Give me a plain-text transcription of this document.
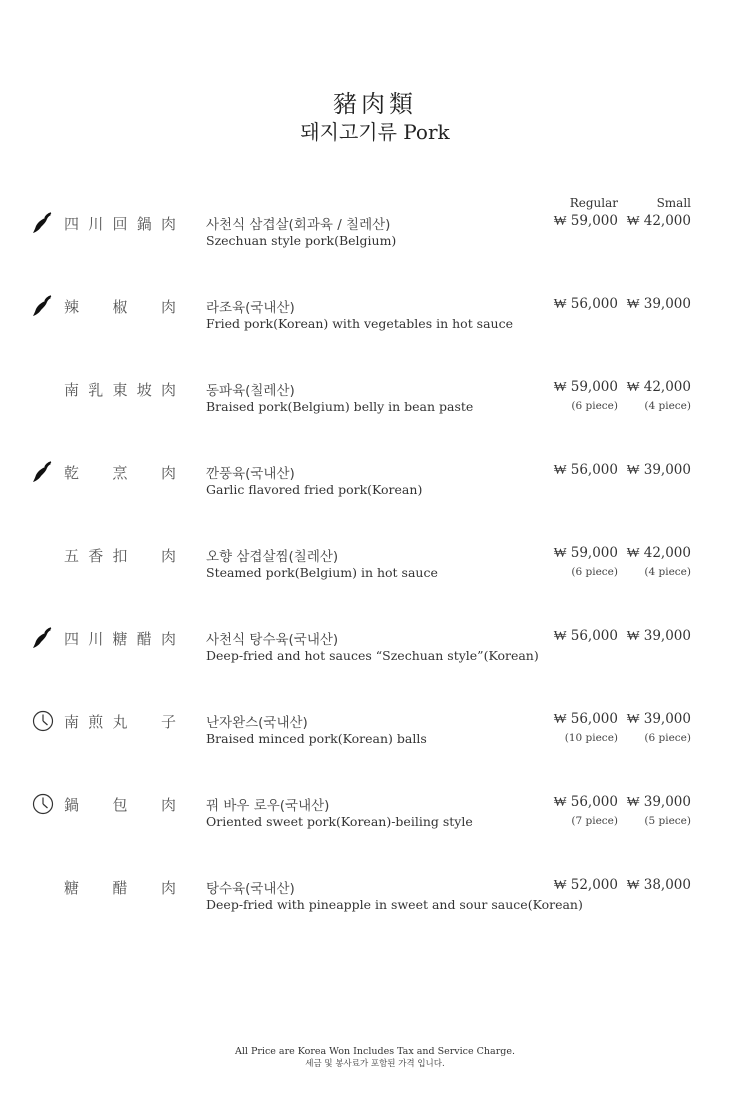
豬肉類
돼지고기류 Pork
Regular	Small
四 川 回 鍋 肉 사천식 삼겹살(회과육 / 칠레산)
Szechuan style pork(Belgium)
₩ 59,000 ₩ 42,000
辣 椒 肉 라조육(국내산)
Fried pork(Korean) with vegetables in hot sauce
₩ 56,000 ₩ 39,000
南 乳 東 坡 肉 동파육(칠레산)
Braised pork(Belgium) belly in bean paste
₩ 59,000 ₩ 42,000
(6 piece)	(4 piece)
乾 烹 肉 깐풍육(국내산)
Garlic flavored fried pork(Korean)
₩ 56,000 ₩ 39,000
五 香 扣 肉 오향 삼겹살찜(칠레산)
Steamed pork(Belgium) in hot sauce
₩ 59,000 ₩ 42,000
(6 piece)	(4 piece)
四 川 糖 醋 肉 사천식 탕수육(국내산)
Deep-fried and hot sauces “Szechuan style”(Korean)
₩ 56,000 ₩ 39,000
南 煎 丸 子 난자완스(국내산)
Braised minced pork(Korean) balls
₩ 56,000 ₩ 39,000
(10 piece)	(6 piece)
鍋 包 肉 꿔 바우 로우(국내산)
Oriented sweet pork(Korean)-beiling style
₩ 56,000 ₩ 39,000
(7 piece)	(5 piece)
糖 醋 肉 탕수육(국내산)
Deep-fried with pineapple in sweet and sour sauce(Korean)
₩ 52,000 ₩ 38,000
All Price are Korea Won Includes Tax and Service Charge.
세금 및 봉사료가 포함된 가격 입니다.
